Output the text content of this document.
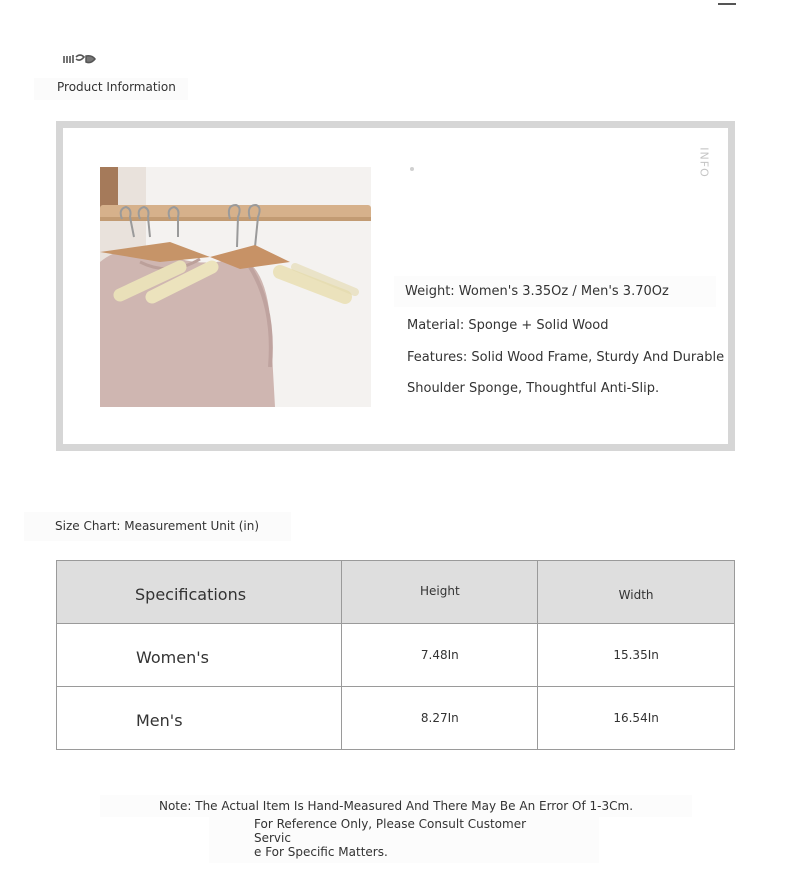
Product Information
INFO
Weight: Women's 3.35Oz / Men's 3.70Oz
Material: Sponge + Solid Wood
Features: Solid Wood Frame, Sturdy And Durable
Shoulder Sponge, Thoughtful Anti-Slip.
Size Chart: Measurement Unit (in)
Specifications	Height	Width
Women's	7.48In	15.35In
Men's	8.27In	16.54In
Note: The Actual Item Is Hand-Measured And There May Be An Error Of 1-3Cm.
For Reference Only, Please Consult Customer Servic
e For Specific Matters.
